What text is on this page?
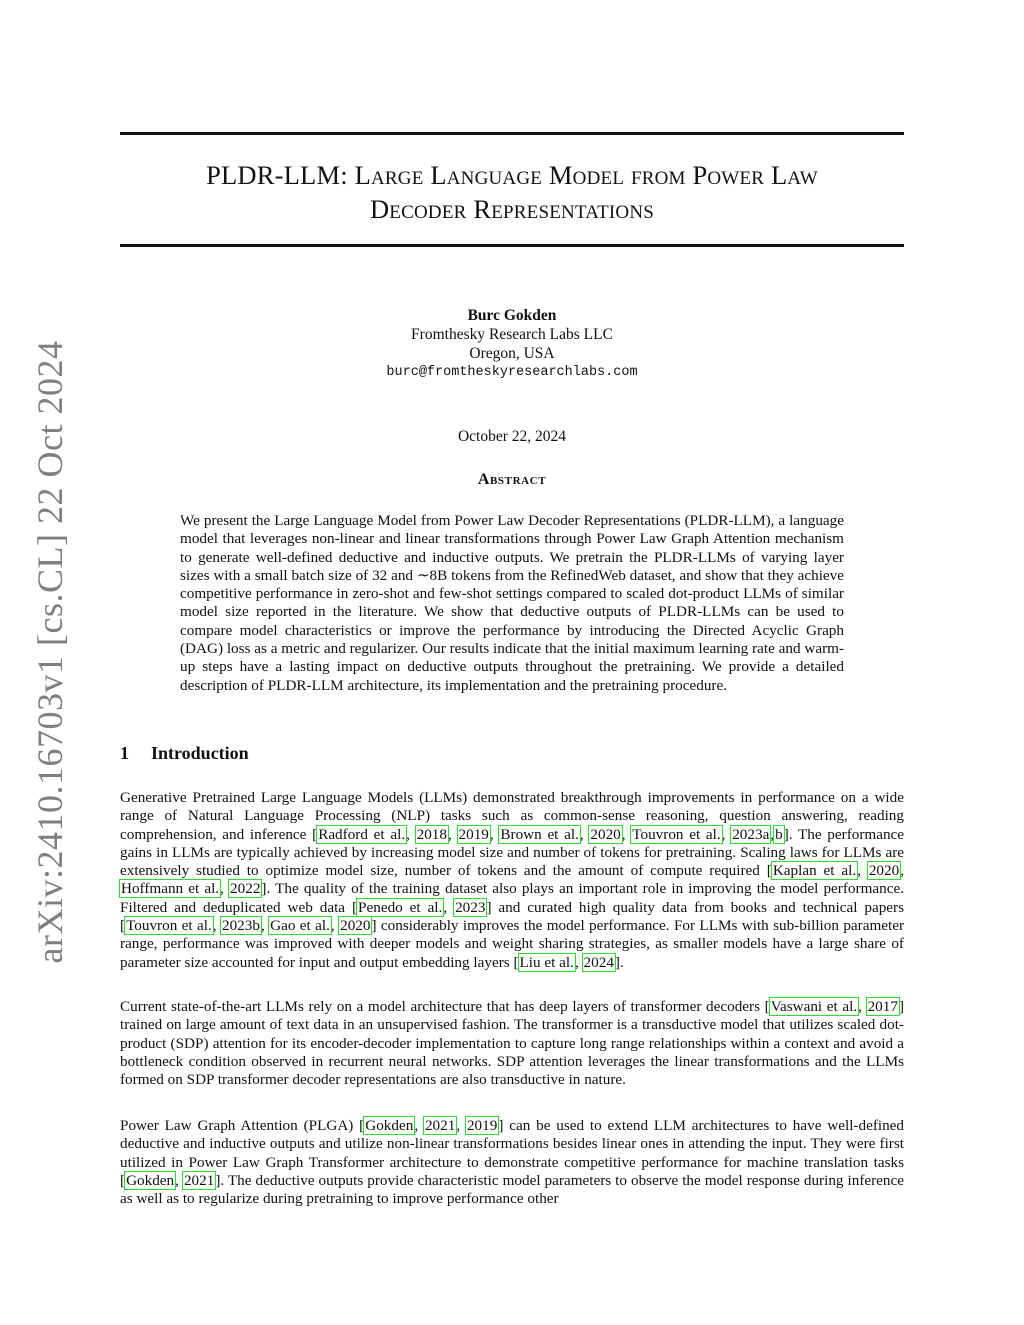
arXiv:2410.16703v1 [cs.CL] 22 Oct 2024
PLDR-LLM: Large Language Model from Power Law
Decoder Representations
Burc Gokden
Fromthesky Research Labs LLC
Oregon, USA
burc@fromtheskyresearchlabs.com
October 22, 2024
Abstract
We present the Large Language Model from Power Law Decoder Representations (PLDR-LLM), a language model that leverages non-linear and linear transformations through Power Law Graph Attention mechanism to generate well-defined deductive and inductive outputs. We pretrain the PLDR-LLMs of varying layer sizes with a small batch size of 32 and ∼8B tokens from the RefinedWeb dataset, and show that they achieve competitive performance in zero-shot and few-shot settings compared to scaled dot-product LLMs of similar model size reported in the literature. We show that deductive outputs of PLDR-LLMs can be used to compare model characteristics or improve the performance by introducing the Directed Acyclic Graph (DAG) loss as a metric and regularizer. Our results indicate that the initial maximum learning rate and warm-up steps have a lasting impact on deductive outputs throughout the pretraining. We provide a detailed description of PLDR-LLM architecture, its implementation and the pretraining procedure.
1 Introduction
Generative Pretrained Large Language Models (LLMs) demonstrated breakthrough improvements in performance on a wide range of Natural Language Processing (NLP) tasks such as common-sense reasoning, question answering, reading comprehension, and inference [Radford et al., 2018, 2019, Brown et al., 2020, Touvron et al., 2023a,b]. The performance gains in LLMs are typically achieved by increasing model size and number of tokens for pretraining. Scaling laws for LLMs are extensively studied to optimize model size, number of tokens and the amount of compute required [Kaplan et al., 2020, Hoffmann et al., 2022]. The quality of the training dataset also plays an important role in improving the model performance. Filtered and deduplicated web data [Penedo et al., 2023] and curated high quality data from books and technical papers [Touvron et al., 2023b, Gao et al., 2020] considerably improves the model performance. For LLMs with sub-billion parameter range, performance was improved with deeper models and weight sharing strategies, as smaller models have a large share of parameter size accounted for input and output embedding layers [Liu et al., 2024].
Current state-of-the-art LLMs rely on a model architecture that has deep layers of transformer decoders [Vaswani et al., 2017] trained on large amount of text data in an unsupervised fashion. The transformer is a transductive model that utilizes scaled dot-product (SDP) attention for its encoder-decoder implementation to capture long range relationships within a context and avoid a bottleneck condition observed in recurrent neural networks. SDP attention leverages the linear transformations and the LLMs formed on SDP transformer decoder representations are also transductive in nature.
Power Law Graph Attention (PLGA) [Gokden, 2021, 2019] can be used to extend LLM architectures to have well-defined deductive and inductive outputs and utilize non-linear transformations besides linear ones in attending the input. They were first utilized in Power Law Graph Transformer architecture to demonstrate competitive performance for machine translation tasks [Gokden, 2021]. The deductive outputs provide characteristic model parameters to observe the model response during inference as well as to regularize during pretraining to improve performance other
